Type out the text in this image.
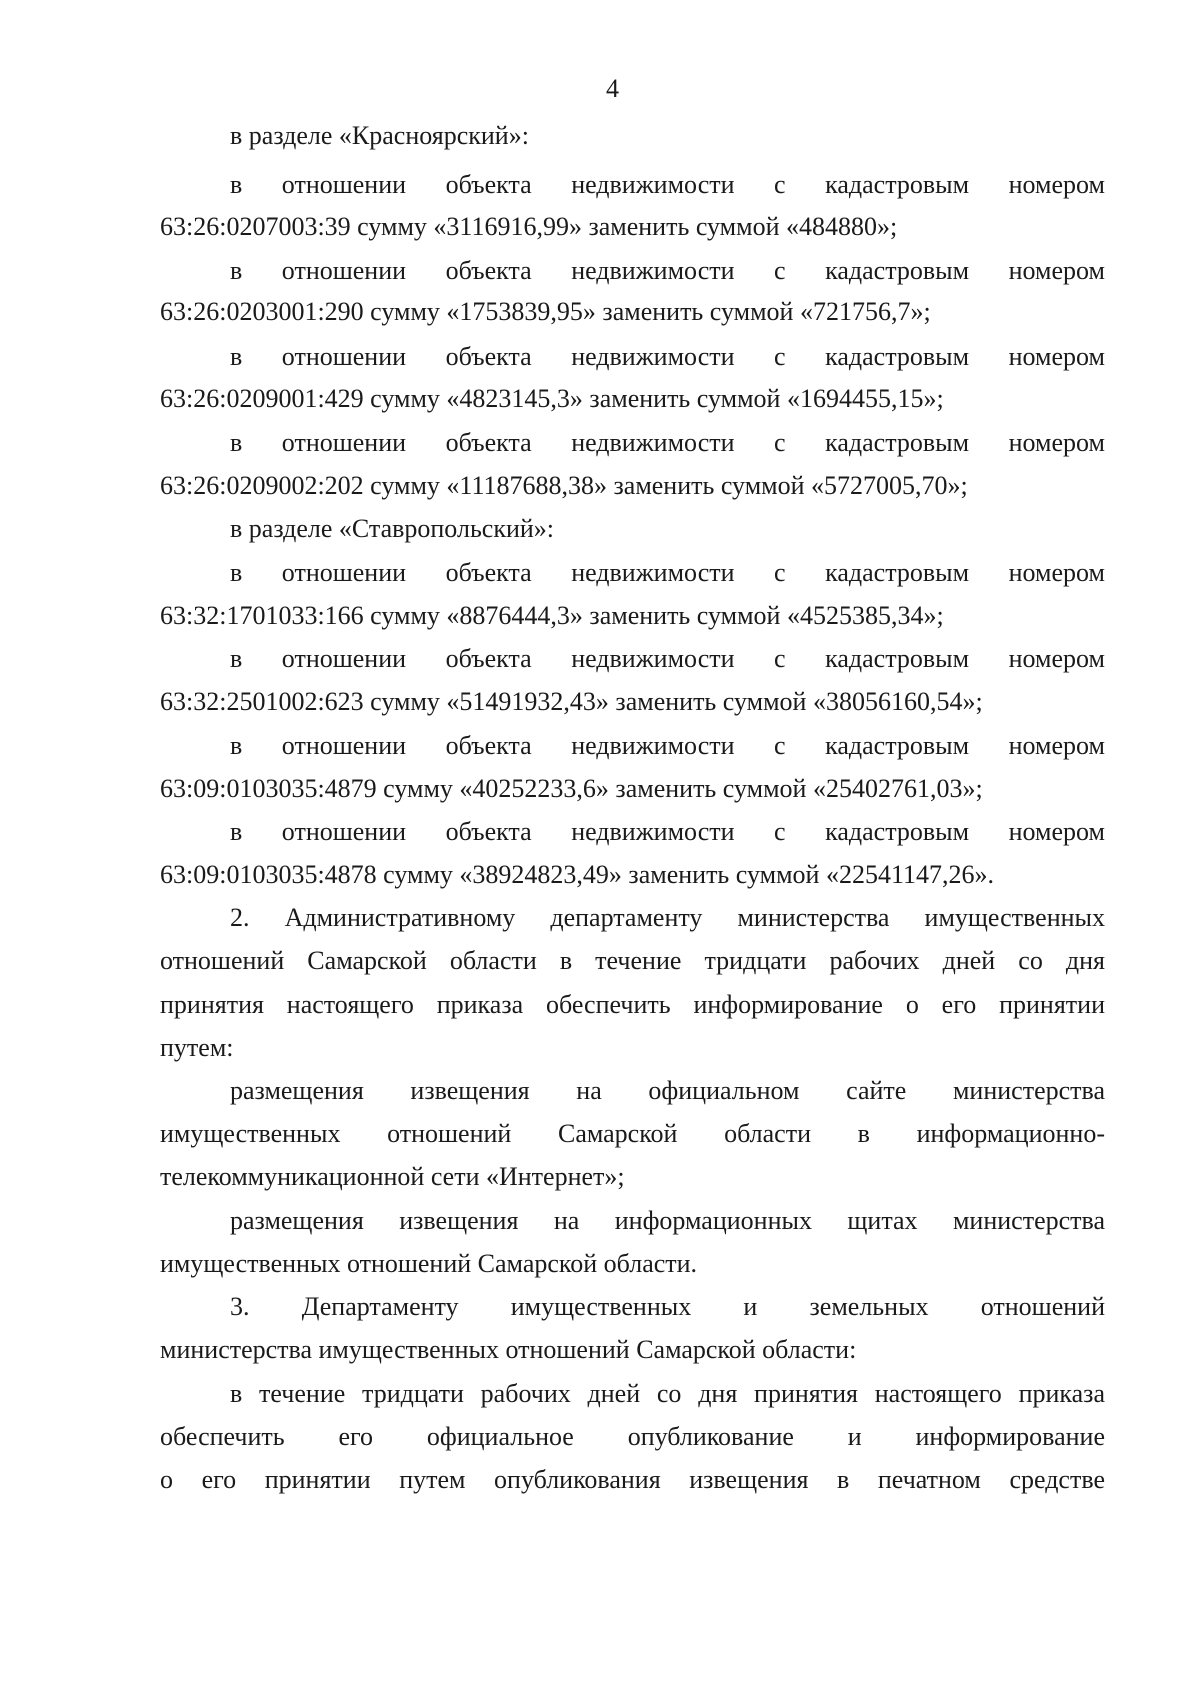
4
в разделе «Красноярский»:
в отношении объекта недвижимости с кадастровым номером
63:26:0207003:39 сумму «3116916,99» заменить суммой «484880»;
в отношении объекта недвижимости с кадастровым номером
63:26:0203001:290 сумму «1753839,95» заменить суммой «721756,7»;
в отношении объекта недвижимости с кадастровым номером
63:26:0209001:429 сумму «4823145,3» заменить суммой «1694455,15»;
в отношении объекта недвижимости с кадастровым номером
63:26:0209002:202 сумму «11187688,38» заменить суммой «5727005,70»;
в разделе «Ставропольский»:
в отношении объекта недвижимости с кадастровым номером
63:32:1701033:166 сумму «8876444,3» заменить суммой «4525385,34»;
в отношении объекта недвижимости с кадастровым номером
63:32:2501002:623 сумму «51491932,43» заменить суммой «38056160,54»;
в отношении объекта недвижимости с кадастровым номером
63:09:0103035:4879 сумму «40252233,6» заменить суммой «25402761,03»;
в отношении объекта недвижимости с кадастровым номером
63:09:0103035:4878 сумму «38924823,49» заменить суммой «22541147,26».
2. Административному департаменту министерства имущественных
отношений Самарской области в течение тридцати рабочих дней со дня
принятия настоящего приказа обеспечить информирование о его принятии
путем:
размещения извещения на официальном сайте министерства
имущественных отношений Самарской области в информационно-
телекоммуникационной сети «Интернет»;
размещения извещения на информационных щитах министерства
имущественных отношений Самарской области.
3. Департаменту имущественных и земельных отношений
министерства имущественных отношений Самарской области:
в течение тридцати рабочих дней со дня принятия настоящего приказа
обеспечить его официальное опубликование и информирование
о его принятии путем опубликования извещения в печатном средстве
